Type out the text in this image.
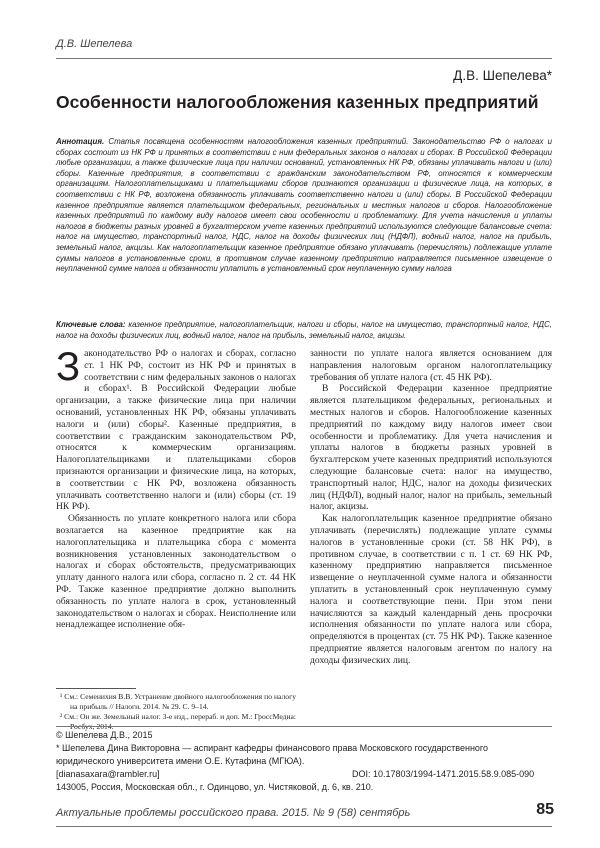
Д.В. Шепелева
Д.В. Шепелева*
Особенности налогообложения казенных предприятий
Аннотация. Статья посвящена особенностям налогообложения казенных предприятий. Законодательство РФ о налогах и сборах состоит из НК РФ и принятых в соответствии с ним федеральных законов о налогах и сборах. В Российской Федерации любые организации, а также физические лица при наличии оснований, установленных НК РФ, обязаны уплачивать налоги и (или) сборы. Казенные предприятия, в соответствии с гражданским законодательством РФ, относятся к коммерческим организациям. Налогоплательщиками и плательщиками сборов признаются организации и физические лица, на которых, в соответствии с НК РФ, возложена обязанность уплачивать соответственно налоги и (или) сборы. В Российской Федерации казенное предприятие является плательщиком федеральных, региональных и местных налогов и сборов. Налогообложение казенных предприятий по каждому виду налогов имеет свои особенности и проблематику. Для учета начисления и уплаты налогов в бюджеты разных уровней в бухгалтерском учете казенных предприятий используются следующие балансовые счета: налог на имущество, транспортный налог, НДС, налог на доходы физических лиц (НДФЛ), водный налог, налог на прибыль, земельный налог, акцизы. Как налогоплательщик казенное предприятие обязано уплачивать (перечислять) подлежащие уплате суммы налогов в установленные сроки, в противном случае казенному предприятию направляется письменное извещение о неуплаченной сумме налога и обязанности уплатить в установленный срок неуплаченную сумму налога
Ключевые слова: казенное предприятие, налогоплательщик, налоги и сборы, налог на имущество, транспортный налог, НДС, налог на доходы физических лиц, водный налог, налог на прибыль, земельный налог, акцизы.

Законодательство РФ о налогах и сборах, согласно ст. 1 НК РФ, состоит из НК РФ и принятых в соответствии с ним федеральных законов о налогах и сборах¹. В Российской Федерации любые организации, а также физические лица при наличии оснований, установленных НК РФ, обязаны уплачивать налоги и (или) сборы². Казенные предприятия, в соответствии с гражданским законодательством РФ, относятся к коммерческим организациям. Налогоплательщиками и плательщиками сборов признаются организации и физические лица, на которых, в соответствии с НК РФ, возложена обязанность уплачивать соответственно налоги и (или) сборы (ст. 19 НК РФ).

Обязанность по уплате конкретного налога или сбора возлагается на казенное предприятие как на налогоплательщика и плательщика сбора с момента возникновения установленных законодательством о налогах и сборах обстоятельств, предусматривающих уплату данного налога или сбора, согласно п. 2 ст. 44 НК РФ. Также казенное предприятие должно выполнить обязанность по уплате налога в срок, установленный законодательством о налогах и сборах. Неисполнение или ненадлежащее исполнение обя-

занности по уплате налога является основанием для направления налоговым органом налогоплательщику требования об уплате налога (ст. 45 НК РФ).

В Российской Федерации казенное предприятие является плательщиком федеральных, региональных и местных налогов и сборов. Налогообложение казенных предприятий по каждому виду налогов имеет свои особенности и проблематику. Для учета начисления и уплаты налогов в бюджеты разных уровней в бухгалтерском учете казенных предприятий используются следующие балансовые счета: налог на имущество, транспортный налог, НДС, налог на доходы физических лиц (НДФЛ), водный налог, налог на прибыль, земельный налог, акцизы.

Как налогоплательщик казенное предприятие обязано уплачивать (перечислять) подлежащие уплате суммы налогов в установленные сроки (ст. 58 НК РФ), в противном случае, в соответствии с п. 1 ст. 69 НК РФ, казенному предприятию направляется письменное извещение о неуплаченной сумме налога и обязанности уплатить в установленный срок неуплаченную сумму налога и соответствующие пени. При этом пени начисляются за каждый календарный день просрочки исполнения обязанности по уплате налога или сбора, определяются в процентах (ст. 75 НК РФ). Также казенное предприятие является налоговым агентом по налогу на доходы физических лиц.

¹ См.: Семенихия В.В. Устранение двойного налогообложения по налогу на прибыль // Налоги. 2014. № 29. С. 9–14.
² См.: Он же. Земельный налог. 3-е изд., перераб. и доп. М.: ГроссМедиа: Росбух, 2014.
© Шепелева Д.В., 2015
* Шепелева Дина Викторовна — аспирант кафедры финансового права Московского государственного
юридического университета имени О.Е. Кутафина (МГЮА).
[dianasaxara@rambler.ru]	DOI: 10.17803/1994-1471.2015.58.9.085-090
143005, Россия, Московская обл., г. Одинцово, ул. Чистяковой, д. 6, кв. 210.
Актуальные проблемы российского права. 2015. № 9 (58) сентябрь	85
